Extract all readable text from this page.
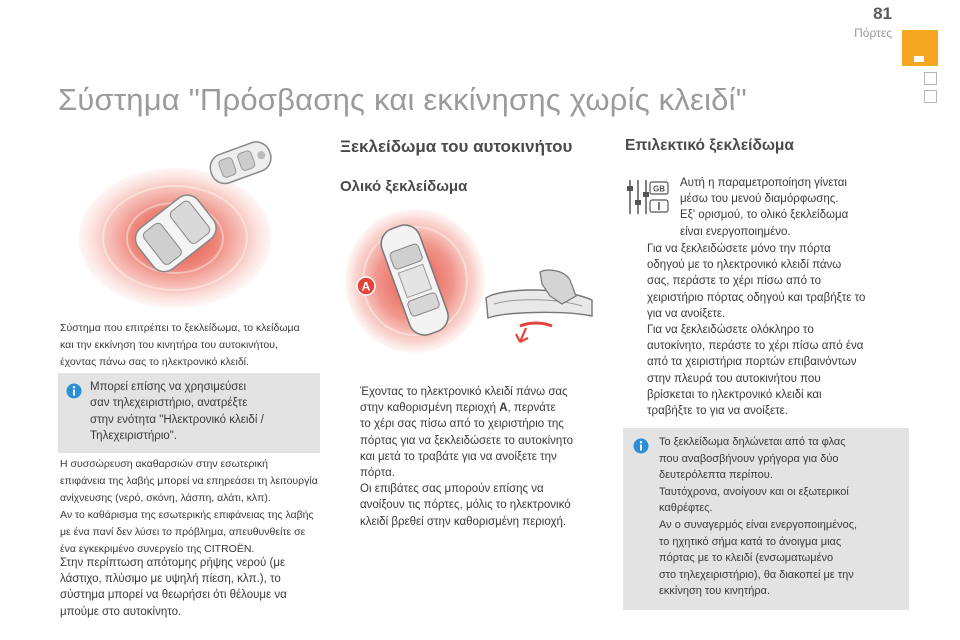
81
Πόρτες
Σύστημα "Πρόσβασης και εκκίνησης χωρίς κλειδί"
Σύστημα που επιτρέπει το ξεκλείδωμα, το κλείδωμα
και την εκκίνηση του κινητήρα του αυτοκινήτου,
έχοντας πάνω σας το ηλεκτρονικό κλειδί.
Μπορεί επίσης να χρησιμεύσει
σαν τηλεχειριστήριο, ανατρέξτε
στην ενότητα "Ηλεκτρονικό κλειδί /
Τηλεχειριστήριο".
Η συσσώρευση ακαθαρσιών στην εσωτερική
επιφάνεια της λαβής μπορεί να επηρεάσει τη λειτουργία
ανίχνευσης (νερό, σκόνη, λάσπη, αλάτι, κλπ).
Αν το καθάρισμα της εσωτερικής επιφάνειας της λαβής
με ένα πανί δεν λύσει το πρόβλημα, απευθυνθείτε σε
ένα εγκεκριμένο συνεργείο της CITROËN.
Στην περίπτωση απότομης ρήψης νερού (με
λάστιχο, πλύσιμο με υψηλή πίεση, κλπ.), το
σύστημα μπορεί να θεωρήσει ότι θέλουμε να
μπούμε στο αυτοκίνητο.
Ξεκλείδωμα του αυτοκινήτου
Ολικό ξεκλείδωμα
A
Έχοντας το ηλεκτρονικό κλειδί πάνω σας
στην καθορισμένη περιοχή A, περνάτε
το χέρι σας πίσω από το χειριστήριο της
πόρτας για να ξεκλειδώσετε το αυτοκίνητο
και μετά το τραβάτε για να ανοίξετε την
πόρτα.
Οι επιβάτες σας μπορούν επίσης να
ανοίξουν τις πόρτες, μόλις το ηλεκτρονικό
κλειδί βρεθεί στην καθορισμένη περιοχή.
Επιλεκτικό ξεκλείδωμα
GB Αυτή η παραμετροποίηση γίνεται
μέσω του μενού διαμόρφωσης.
Εξ' ορισμού, το ολικό ξεκλείδωμα
είναι ενεργοποιημένο.
Για να ξεκλειδώσετε μόνο την πόρτα
οδηγού με το ηλεκτρονικό κλειδί πάνω
σας, περάστε το χέρι πίσω από το
χειριστήριο πόρτας οδηγού και τραβήξτε το
για να ανοίξετε.
Για να ξεκλειδώσετε ολόκληρο το
αυτοκίνητο, περάστε το χέρι πίσω από ένα
από τα χειριστήρια πορτών επιβαινόντων
στην πλευρά του αυτοκινήτου που
βρίσκεται το ηλεκτρονικό κλειδί και
τραβήξτε το για να ανοίξετε.
Το ξεκλείδωμα δηλώνεται από τα φλας
που αναβοσβήνουν γρήγορα για δύο
δευτερόλεπτα περίπου.
Ταυτόχρονα, ανοίγουν και οι εξωτερικοί
καθρέφτες.
Αν ο συναγερμός είναι ενεργοποιημένος,
το ηχητικό σήμα κατά το άνοιγμα μιας
πόρτας με το κλειδί (ενσωματωμένο
στο τηλεχειριστήριο), θα διακοπεί με την
εκκίνηση του κινητήρα.
